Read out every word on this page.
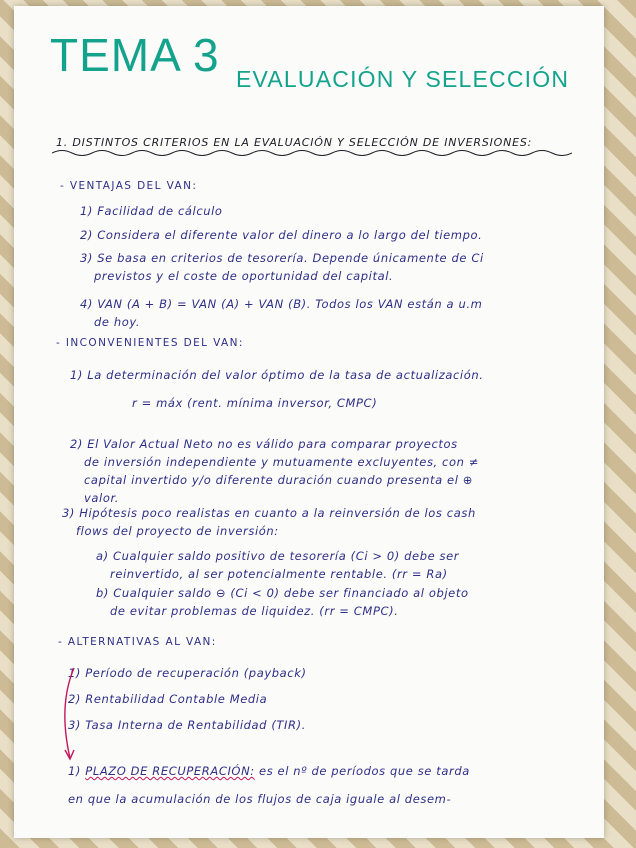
TEMA 3 EVALUACIÓN Y SELECCIÓN
1. DISTINTOS CRITERIOS EN LA EVALUACIÓN Y SELECCIÓN DE INVERSIONES:
- VENTAJAS DEL VAN:
1) Facilidad de cálculo
2) Considera el diferente valor del dinero a lo largo del tiempo.
3) Se basa en criterios de tesorería. Depende únicamente de Ci
previstos y el coste de oportunidad del capital.
4) VAN (A + B) = VAN (A) + VAN (B). Todos los VAN están a u.m
de hoy.
- INCONVENIENTES DEL VAN:
1) La determinación del valor óptimo de la tasa de actualización.
r = máx (rent. mínima inversor, CMPC)
2) El Valor Actual Neto no es válido para comparar proyectos
de inversión independiente y mutuamente excluyentes, con ≠
capital invertido y/o diferente duración cuando presenta el ⊕
valor.
3) Hipótesis poco realistas en cuanto a la reinversión de los cash
flows del proyecto de inversión:
a) Cualquier saldo positivo de tesorería (Ci > 0) debe ser
reinvertido, al ser potencialmente rentable. (rr = Ra)
b) Cualquier saldo ⊖ (Ci < 0) debe ser financiado al objeto
de evitar problemas de liquidez. (rr = CMPC).
- ALTERNATIVAS AL VAN:
1) Período de recuperación (payback)
2) Rentabilidad Contable Media
3) Tasa Interna de Rentabilidad (TIR).
1) PLAZO DE RECUPERACIÓN: es el nº de períodos que se tarda
en que la acumulación de los flujos de caja iguale al desem-
